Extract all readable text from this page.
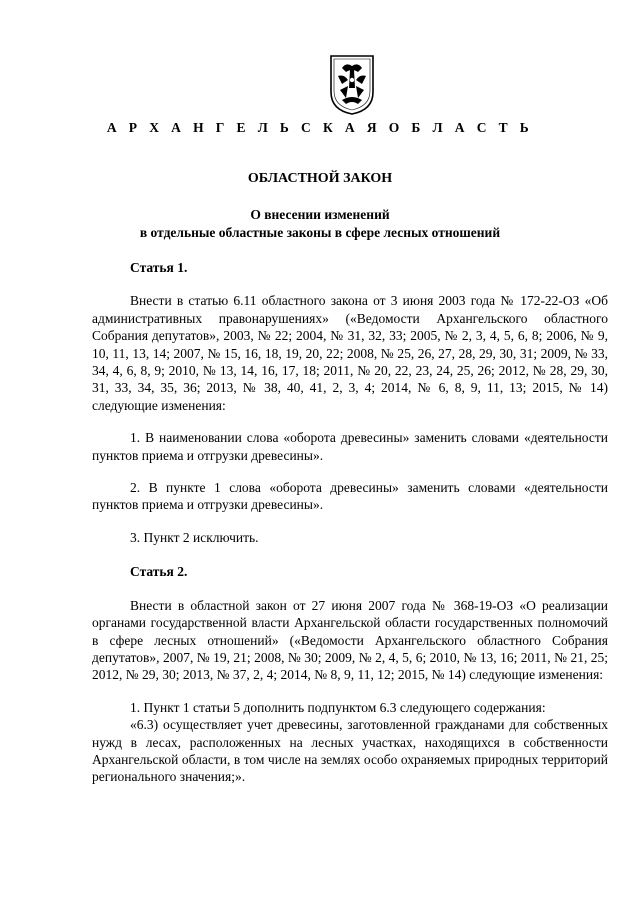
А Р Х А Н Г Е Л Ь С К А Я О Б Л А С Т Ь
ОБЛАСТНОЙ ЗАКОН
О внесении изменений
в отдельные областные законы в сфере лесных отношений

Статья 1.

Внести в статью 6.11 областного закона от 3 июня 2003 года № 172-22-ОЗ «Об административных правонарушениях» («Ведомости Архангельского областного Собрания депутатов», 2003, № 22; 2004, № 31, 32, 33; 2005, № 2, 3, 4, 5, 6, 8; 2006, № 9, 10, 11, 13, 14; 2007, № 15, 16, 18, 19, 20, 22; 2008, № 25, 26, 27, 28, 29, 30, 31; 2009, № 33, 34, 4, 6, 8, 9; 2010, № 13, 14, 16, 17, 18; 2011, № 20, 22, 23, 24, 25, 26; 2012, № 28, 29, 30, 31, 33, 34, 35, 36; 2013, № 38, 40, 41, 2, 3, 4; 2014, № 6, 8, 9, 11, 13; 2015, № 14) следующие изменения:

1. В наименовании слова «оборота древесины» заменить словами «деятельности пунктов приема и отгрузки древесины».

2. В пункте 1 слова «оборота древесины» заменить словами «деятельности пунктов приема и отгрузки древесины».

3. Пункт 2 исключить.

Статья 2.

Внести в областной закон от 27 июня 2007 года № 368-19-ОЗ «О реализации органами государственной власти Архангельской области государственных полномочий в сфере лесных отношений» («Ведомости Архангельского областного Собрания депутатов», 2007, № 19, 21; 2008, № 30; 2009, № 2, 4, 5, 6; 2010, № 13, 16; 2011, № 21, 25; 2012, № 29, 30; 2013, № 37, 2, 4; 2014, № 8, 9, 11, 12; 2015, № 14) следующие изменения:

1. Пункт 1 статьи 5 дополнить подпунктом 6.3 следующего содержания:

«6.3) осуществляет учет древесины, заготовленной гражданами для собственных нужд в лесах, расположенных на лесных участках, находящихся в собственности Архангельской области, в том числе на землях особо охраняемых природных территорий регионального значения;».
